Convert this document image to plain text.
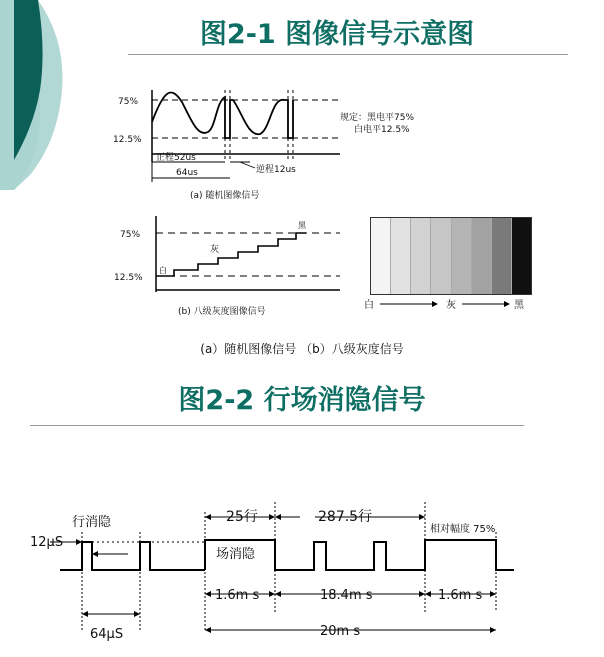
图2-1 图像信号示意图
75%
12.5%
正程52us
逆程12us
64us
规定：黑电平75%
白电平12.5%
(a) 随机图像信号
75%
12.5%
白
灰
黑
(b) 八级灰度图像信号
白	灰	黑
(a）随机图像信号 （b）八级灰度信号
图2-2 行场消隐信号
行消隐
12μS
64μS
25行	287.5行
相对幅度 75%
场消隐
1.6m s	18.4m s	1.6m s
20m s
